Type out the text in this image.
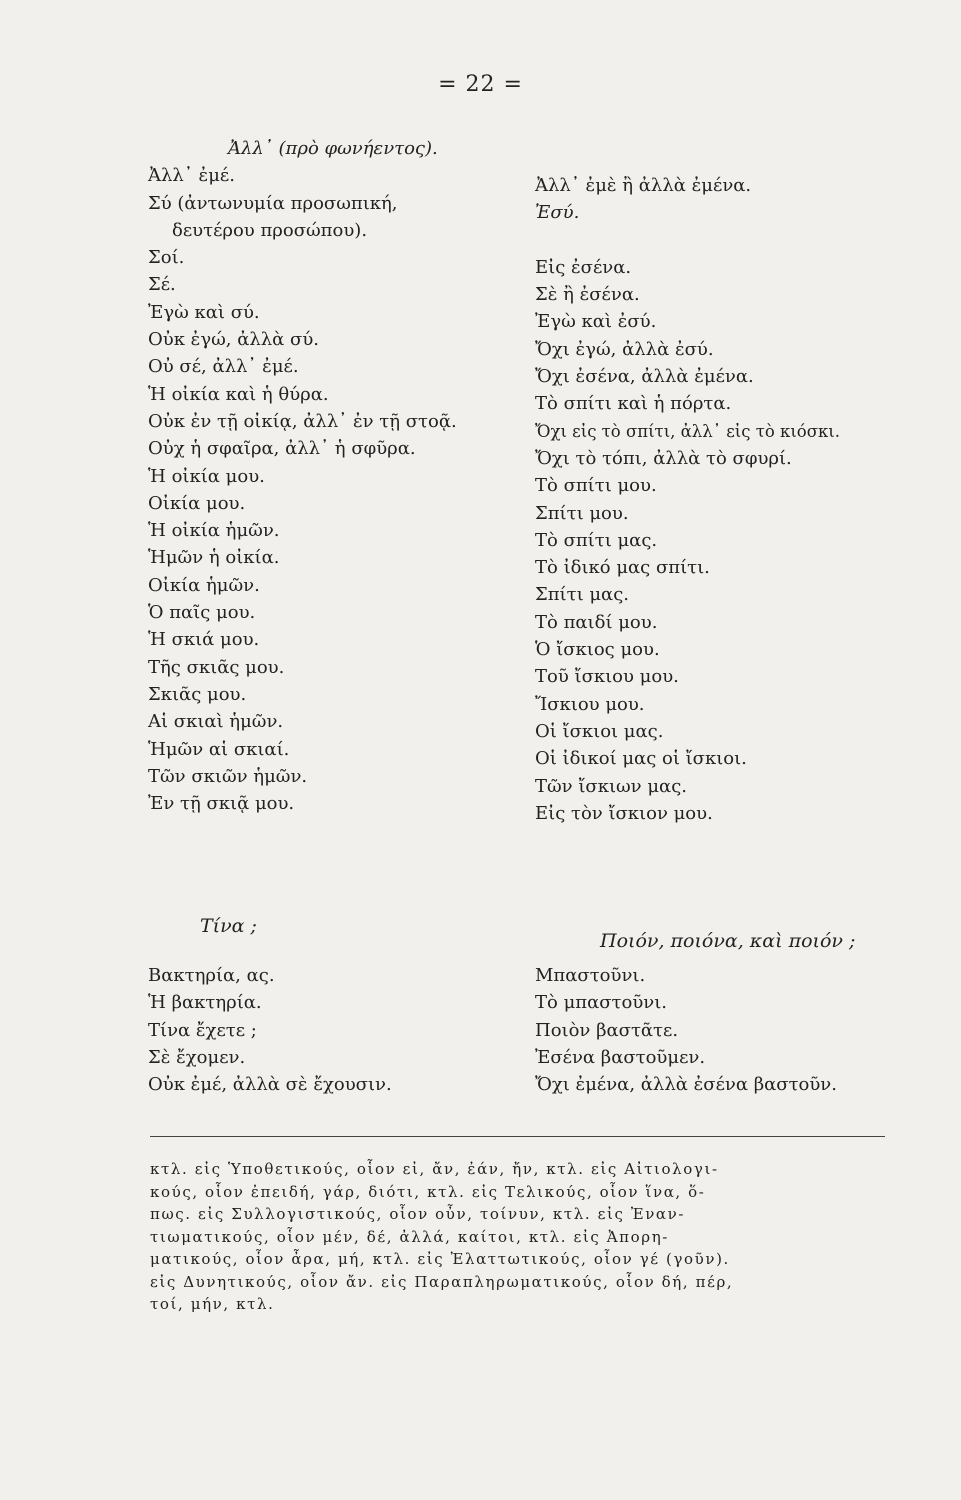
= 22 =
Ἀλλ᾽ (πρὸ φωνήεντος).
Ἀλλ᾽ ἐμέ.
Σύ (ἀντωνυμία προσωπική,
δευτέρου προσώπου).
Σοί.
Σέ.
Ἐγὼ καὶ σύ.
Οὐκ ἐγώ, ἀλλὰ σύ.
Οὐ σέ, ἀλλ᾽ ἐμέ.
Ἡ οἰκία καὶ ἡ θύρα.
Οὐκ ἐν τῇ οἰκίᾳ, ἀλλ᾽ ἐν τῇ στοᾷ.
Οὐχ ἡ σφαῖρα, ἀλλ᾽ ἡ σφῦρα.
Ἡ οἰκία μου.
Οἰκία μου.
Ἡ οἰκία ἡμῶν.
Ἡμῶν ἡ οἰκία.
Οἰκία ἡμῶν.
Ὁ παῖς μου.
Ἡ σκιά μου.
Τῆς σκιᾶς μου.
Σκιᾶς μου.
Αἱ σκιαὶ ἡμῶν.
Ἡμῶν αἱ σκιαί.
Τῶν σκιῶν ἡμῶν.
Ἐν τῇ σκιᾷ μου.
Ἀλλ᾽ ἐμὲ ἢ ἀλλὰ ἐμένα.
Ἐσύ.
Εἰς ἐσένα.
Σὲ ἢ ἐσένα.
Ἐγὼ καὶ ἐσύ.
Ὄχι ἐγώ, ἀλλὰ ἐσύ.
Ὄχι ἐσένα, ἀλλὰ ἐμένα.
Τὸ σπίτι καὶ ἡ πόρτα.
Ὄχι εἰς τὸ σπίτι, ἀλλ᾽ εἰς τὸ κιόσκι.
Ὄχι τὸ τόπι, ἀλλὰ τὸ σφυρί.
Τὸ σπίτι μου.
Σπίτι μου.
Τὸ σπίτι μας.
Τὸ ἰδικό μας σπίτι.
Σπίτι μας.
Τὸ παιδί μου.
Ὁ ἴσκιος μου.
Τοῦ ἴσκιου μου.
Ἴσκιου μου.
Οἱ ἴσκιοι μας.
Οἱ ἰδικοί μας οἱ ἴσκιοι.
Τῶν ἴσκιων μας.
Εἰς τὸν ἴσκιον μου.
Τίνα ;
Ποιόν, ποιόνα, καὶ ποιόν ;
Βακτηρία, ας.
Ἡ βακτηρία.
Τίνα ἔχετε ;
Σὲ ἔχομεν.
Οὐκ ἐμέ, ἀλλὰ σὲ ἔχουσιν.
Μπαστοῦνι.
Τὸ μπαστοῦνι.
Ποιὸν βαστᾶτε.
Ἐσένα βαστοῦμεν.
Ὄχι ἐμένα, ἀλλὰ ἐσένα βαστοῦν.
κτλ. εἰς Ὑποθετικούς, οἷον εἰ, ἄν, ἐάν, ἤν, κτλ. εἰς Αἰτιολογι-
κούς, οἷον ἐπειδή, γάρ, διότι, κτλ. εἰς Τελικούς, οἷον ἵνα, ὅ-
πως. εἰς Συλλογιστικούς, οἷον οὖν, τοίνυν, κτλ. εἰς Ἐναν-
τιωματικούς, οἷον μέν, δέ, ἀλλά, καίτοι, κτλ. εἰς Ἀπορη-
ματικούς, οἷον ἆρα, μή, κτλ. εἰς Ἐλαττωτικούς, οἷον γέ (γοῦν).
εἰς Δυνητικούς, οἷον ἄν. εἰς Παραπληρωματικούς, οἷον δή, πέρ,
τοί, μήν, κτλ.
